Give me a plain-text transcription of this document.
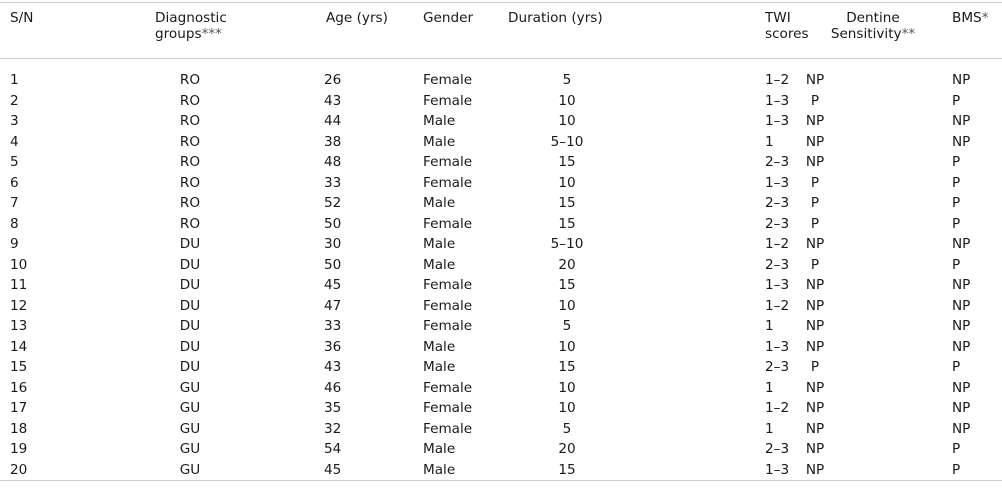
S/N	Diagnostic
groups***	Age (yrs)	Gender	Duration (yrs)	TWI scores	Dentine
Sensitivity**	BMS*

1	RO	26	Female	5	1–2	NP	NP
2	RO	43	Female	10	1–3	P	P
3	RO	44	Male	10	1–3	NP	NP
4	RO	38	Male	5–10	1	NP	NP
5	RO	48	Female	15	2–3	NP	P
6	RO	33	Female	10	1–3	P	P
7	RO	52	Male	15	2–3	P	P
8	RO	50	Female	15	2–3	P	P
9	DU	30	Male	5–10	1–2	NP	NP
10	DU	50	Male	20	2–3	P	P
11	DU	45	Female	15	1–3	NP	NP
12	DU	47	Female	10	1–2	NP	NP
13	DU	33	Female	5	1	NP	NP
14	DU	36	Male	10	1–3	NP	NP
15	DU	43	Male	15	2–3	P	P
16	GU	46	Female	10	1	NP	NP
17	GU	35	Female	10	1–2	NP	NP
18	GU	32	Female	5	1	NP	NP
19	GU	54	Male	20	2–3	NP	P
20	GU	45	Male	15	1–3	NP	P
